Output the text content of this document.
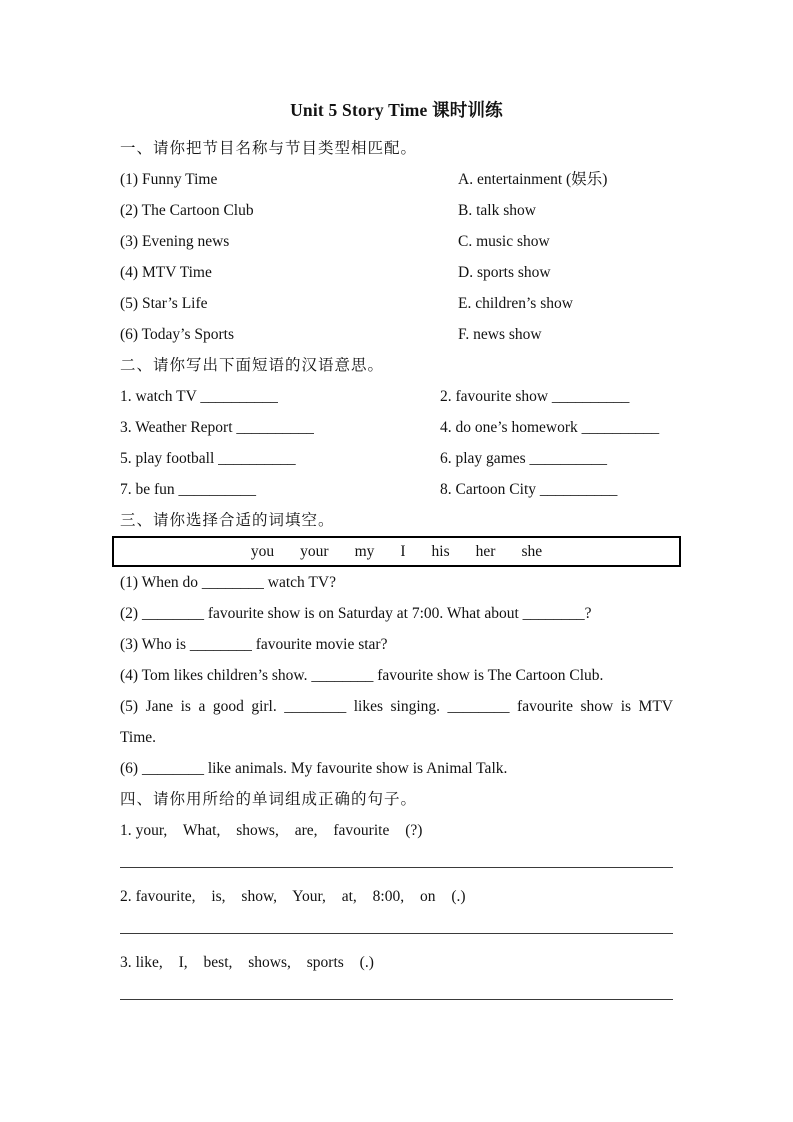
Unit 5 Story Time 课时训练
一、请你把节目名称与节目类型相匹配。
(1) Funny Time	A. entertainment (娱乐)
(2) The Cartoon Club	B. talk show
(3) Evening news	C. music show
(4) MTV Time	D. sports show
(5) Star’s Life	E. children’s show
(6) Today’s Sports	F. news show
二、请你写出下面短语的汉语意思。
1. watch TV __________	2. favourite show __________
3. Weather Report __________	4. do one’s homework __________
5. play football __________	6. play games __________
7. be fun __________	8. Cartoon City __________
三、请你选择合适的词填空。
you your my I his her she

(1) When do ________ watch TV?

(2) ________ favourite show is on Saturday at 7:00. What about ________?

(3) Who is ________ favourite movie star?

(4) Tom likes children’s show. ________ favourite show is The Cartoon Club.

(5) Jane is a good girl. ________ likes singing. ________ favourite show is MTV Time.

(6) ________ like animals. My favourite show is Animal Talk.

四、请你用所给的单词组成正确的句子。

1. your, What, shows, are, favourite (?)

2. favourite, is, show, Your, at, 8:00, on (.)

3. like, I, best, shows, sports (.)
